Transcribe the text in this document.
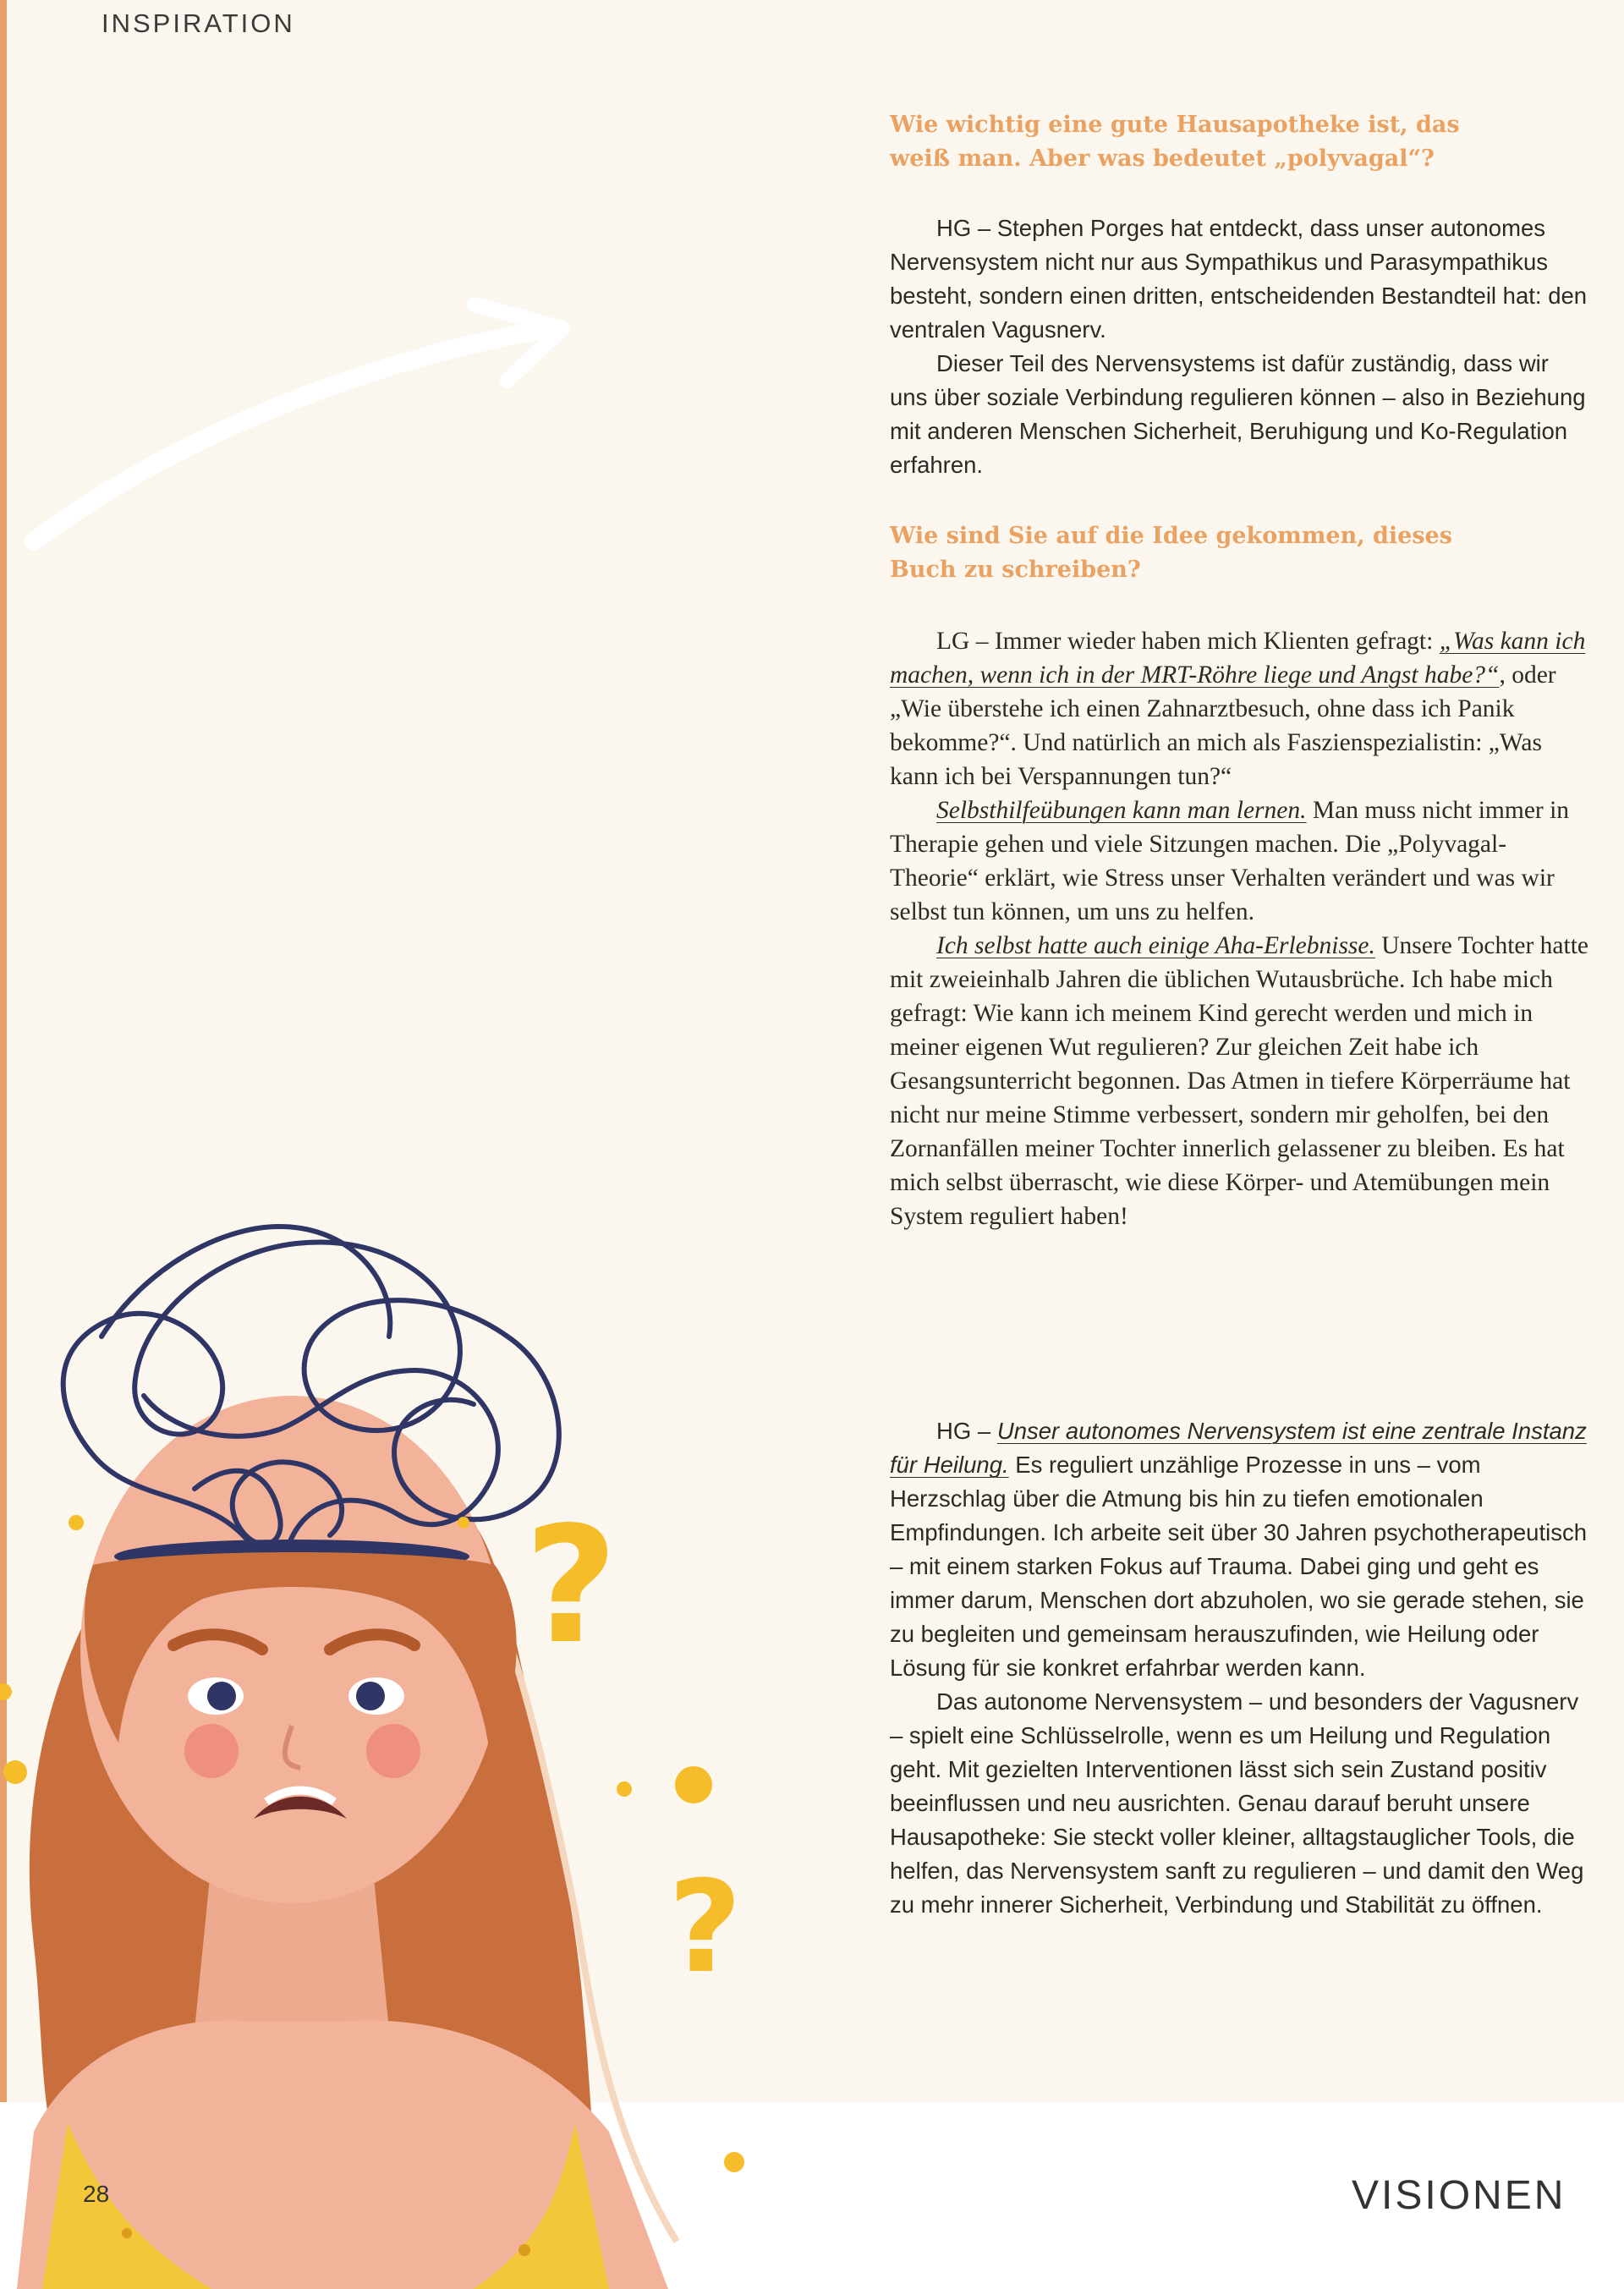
INSPIRATION
?
?

Wie wichtig eine gute Hausapotheke ist, das weiß man. Aber was bedeutet „polyvagal“?

HG – Stephen Porges hat entdeckt, dass unser autonomes Nervensystem nicht nur aus Sympathikus und Parasympathikus besteht, sondern einen dritten, entscheidenden Bestandteil hat: den ventralen Vagusnerv.

Dieser Teil des Nervensystems ist dafür zuständig, dass wir uns über soziale Verbindung regulieren können – also in Beziehung mit anderen Menschen Sicherheit, Beruhigung und Ko-Regulation erfahren.

Wie sind Sie auf die Idee gekommen, dieses Buch zu schreiben?

LG – Immer wieder haben mich Klienten gefragt: „Was kann ich machen, wenn ich in der MRT-Röhre liege und Angst habe?“, oder „Wie überstehe ich einen Zahnarztbesuch, ohne dass ich Panik bekomme?“. Und natürlich an mich als Faszienspezialistin: „Was kann ich bei Verspannungen tun?“

Selbsthilfeübungen kann man lernen. Man muss nicht immer in Therapie gehen und viele Sitzungen machen. Die „Polyvagal-Theorie“ erklärt, wie Stress unser Verhalten verändert und was wir selbst tun können, um uns zu helfen.

Ich selbst hatte auch einige Aha-Erlebnisse. Unsere Tochter hatte mit zweieinhalb Jahren die üblichen Wutausbrüche. Ich habe mich gefragt: Wie kann ich meinem Kind gerecht werden und mich in meiner eigenen Wut regulieren? Zur gleichen Zeit habe ich Gesangsunterricht begonnen. Das Atmen in tiefere Körperräume hat nicht nur meine Stimme verbessert, sondern mir geholfen, bei den Zornanfällen meiner Tochter innerlich gelassener zu bleiben. Es hat mich selbst überrascht, wie diese Körper- und Atemübungen mein System reguliert haben!

HG – Unser autonomes Nervensystem ist eine zentrale Instanz für Heilung. Es reguliert unzählige Prozesse in uns – vom Herzschlag über die Atmung bis hin zu tiefen emotionalen Empfindungen. Ich arbeite seit über 30 Jahren psychotherapeutisch – mit einem starken Fokus auf Trauma. Dabei ging und geht es immer darum, Menschen dort abzuholen, wo sie gerade stehen, sie zu begleiten und gemeinsam herauszufinden, wie Heilung oder Lösung für sie konkret erfahrbar werden kann.

Das autonome Nervensystem – und besonders der Vagusnerv – spielt eine Schlüsselrolle, wenn es um Heilung und Regulation geht. Mit gezielten Interventionen lässt sich sein Zustand positiv beeinflussen und neu ausrichten. Genau darauf beruht unsere Hausapotheke: Sie steckt voller kleiner, alltagstauglicher Tools, die helfen, das Nervensystem sanft zu regulieren – und damit den Weg zu mehr innerer Sicherheit, Verbindung und Stabilität zu öffnen.

28	VISIONEN
